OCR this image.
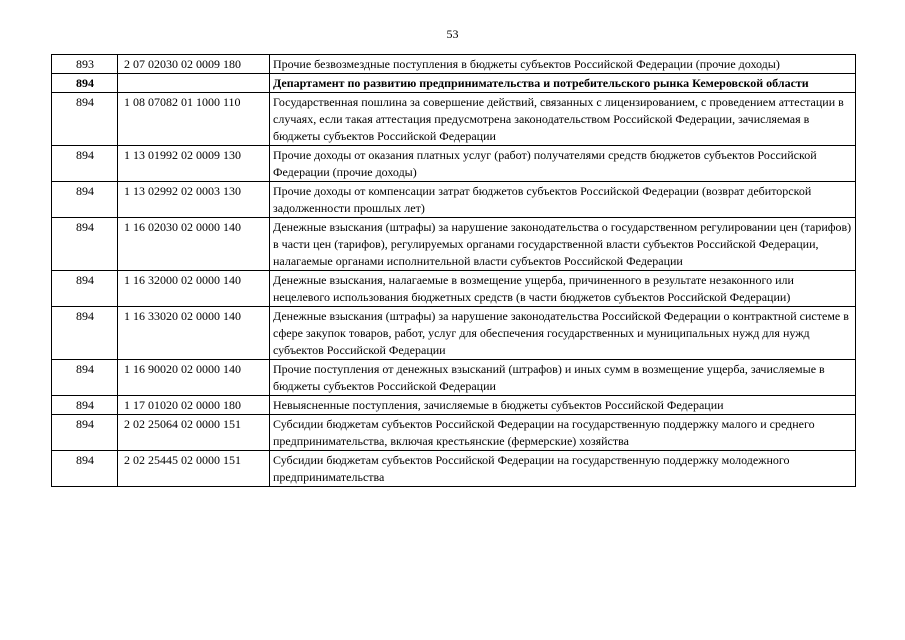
53
893	2 07 02030 02 0009 180	Прочие безвозмездные поступления в бюджеты субъектов Российской Федерации (прочие доходы)
894		Департамент по развитию предпринимательства и потребительского рынка Кемеровской области
894	1 08 07082 01 1000 110	Государственная пошлина за совершение действий, связанных с лицензированием, с проведением аттестации в случаях, если такая аттестация предусмотрена законодательством Российской Федерации, зачисляемая в бюджеты субъектов Российской Федерации
894	1 13 01992 02 0009 130	Прочие доходы от оказания платных услуг (работ) получателями средств бюджетов субъектов Российской Федерации (прочие доходы)
894	1 13 02992 02 0003 130	Прочие доходы от компенсации затрат бюджетов субъектов Российской Федерации (возврат дебиторской задолженности прошлых лет)
894	1 16 02030 02 0000 140	Денежные взыскания (штрафы) за нарушение законодательства о государственном регулировании цен (тарифов) в части цен (тарифов), регулируемых органами государственной власти субъектов Российской Федерации, налагаемые органами исполнительной власти субъектов Российской Федерации
894	1 16 32000 02 0000 140	Денежные взыскания, налагаемые в возмещение ущерба, причиненного в результате незаконного или нецелевого использования бюджетных средств (в части бюджетов субъектов Российской Федерации)
894	1 16 33020 02 0000 140	Денежные взыскания (штрафы) за нарушение законодательства Российской Федерации о контрактной системе в сфере закупок товаров, работ, услуг для обеспечения государственных и муниципальных нужд для нужд субъектов Российской Федерации
894	1 16 90020 02 0000 140	Прочие поступления от денежных взысканий (штрафов) и иных сумм в возмещение ущерба, зачисляемые в бюджеты субъектов Российской Федерации
894	1 17 01020 02 0000 180	Невыясненные поступления, зачисляемые в бюджеты субъектов Российской Федерации
894	2 02 25064 02 0000 151	Субсидии бюджетам субъектов Российской Федерации на государственную поддержку малого и среднего предпринимательства, включая крестьянские (фермерские) хозяйства
894	2 02 25445 02 0000 151	Субсидии бюджетам субъектов Российской Федерации на государственную поддержку молодежного предпринимательства
